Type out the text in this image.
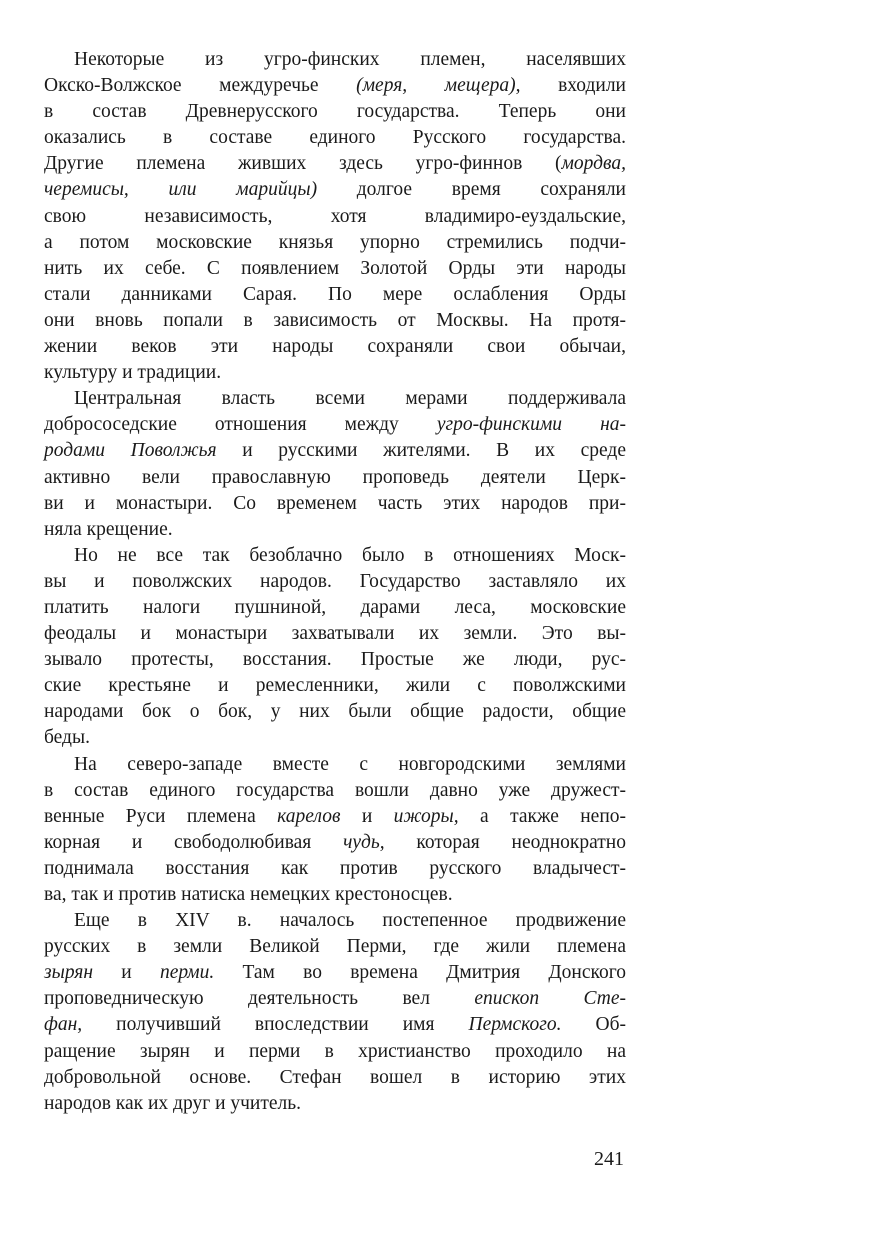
Некоторые из угро-финских племен, населявших
Окско-Волжское междуречье (меря, мещера), входили
в состав Древнерусского государства. Теперь они
оказались в составе единого Русского государства.
Другие племена живших здесь угро-финнов (мордва,
черемисы, или марийцы) долгое время сохраняли
свою независимость, хотя владимиро-еуздальские,
а потом московские князья упорно стремились подчи-
нить их себе. С появлением Золотой Орды эти народы
стали данниками Сарая. По мере ослабления Орды
они вновь попали в зависимость от Москвы. На протя-
жении веков эти народы сохраняли свои обычаи,
культуру и традиции.
Центральная власть всеми мерами поддерживала
добрососедские отношения между угро-финскими на-
родами Поволжья и русскими жителями. В их среде
активно вели православную проповедь деятели Церк-
ви и монастыри. Со временем часть этих народов при-
няла крещение.
Но не все так безоблачно было в отношениях Моск-
вы и поволжских народов. Государство заставляло их
платить налоги пушниной, дарами леса, московские
феодалы и монастыри захватывали их земли. Это вы-
зывало протесты, восстания. Простые же люди, рус-
ские крестьяне и ремесленники, жили с поволжскими
народами бок о бок, у них были общие радости, общие
беды.
На северо-западе вместе с новгородскими землями
в состав единого государства вошли давно уже дружест-
венные Руси племена карелов и ижоры, а также непо-
корная и свободолюбивая чудь, которая неоднократно
поднимала восстания как против русского владычест-
ва, так и против натиска немецких крестоносцев.
Еще в XIV в. началось постепенное продвижение
русских в земли Великой Перми, где жили племена
зырян и перми. Там во времена Дмитрия Донского
проповедническую деятельность вел епископ Сте-
фан, получивший впоследствии имя Пермского. Об-
ращение зырян и перми в христианство проходило на
добровольной основе. Стефан вошел в историю этих
народов как их друг и учитель.
241
